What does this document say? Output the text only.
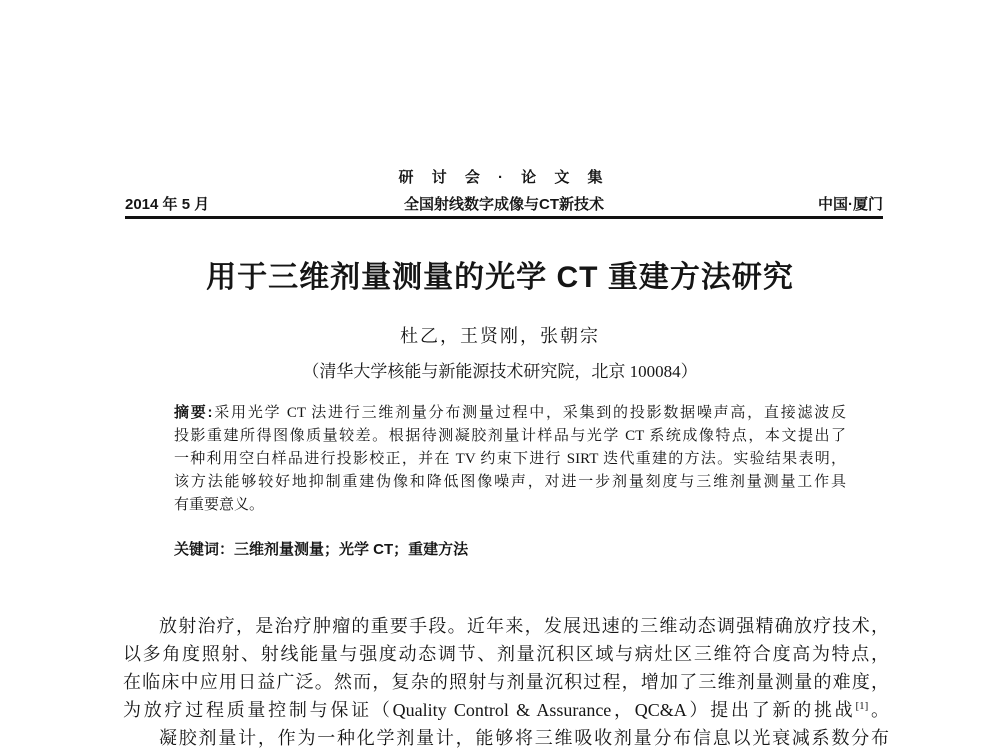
研 讨 会 · 论 文 集
2014 年 5 月	全国射线数字成像与CT新技术	中国·厦门
用于三维剂量测量的光学 CT 重建方法研究
杜乙，王贤刚，张朝宗
（清华大学核能与新能源技术研究院，北京 100084）
摘要:采用光学 CT 法进行三维剂量分布测量过程中，采集到的投影数据噪声高，直接滤波反
投影重建所得图像质量较差。根据待测凝胶剂量计样品与光学 CT 系统成像特点，本文提出了
一种利用空白样品进行投影校正，并在 TV 约束下进行 SIRT 迭代重建的方法。实验结果表明，
该方法能够较好地抑制重建伪像和降低图像噪声，对进一步剂量刻度与三维剂量测量工作具
有重要意义。
关键词：三维剂量测量；光学 CT；重建方法
放射治疗，是治疗肿瘤的重要手段。近年来，发展迅速的三维动态调强精确放疗技术，
以多角度照射、射线能量与强度动态调节、剂量沉积区域与病灶区三维符合度高为特点，
在临床中应用日益广泛。然而，复杂的照射与剂量沉积过程，增加了三维剂量测量的难度，
为放疗过程质量控制与保证（Quality Control & Assurance，QC&A）提出了新的挑战[1]。
凝胶剂量计，作为一种化学剂量计，能够将三维吸收剂量分布信息以光衰减系数分布
